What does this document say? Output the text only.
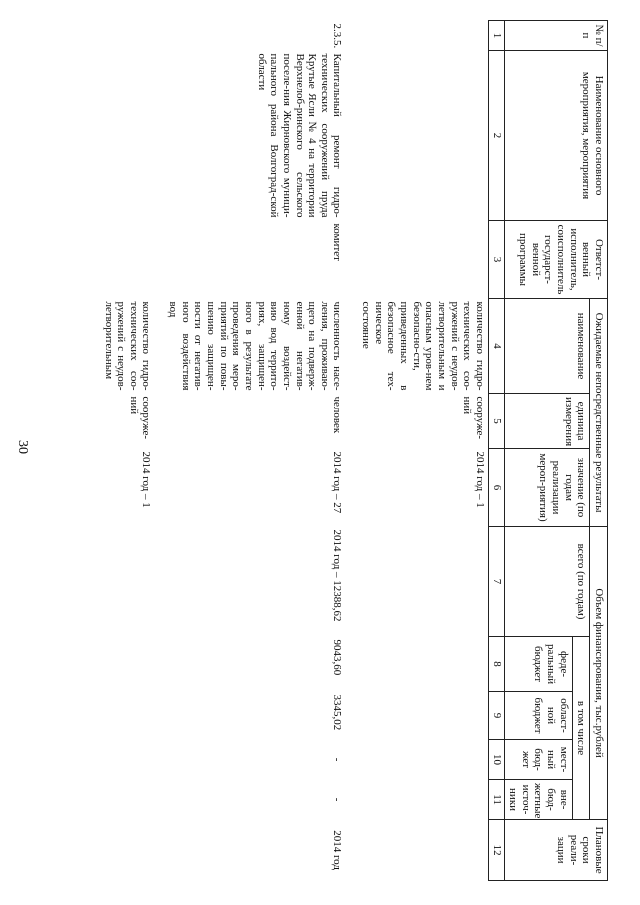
30
№ п/п	Наименование основного мероприятия, мероприятия	Ответст-венный исполнитель, соисполнитель государст-венной программы	Ожидаемые непосредственные результаты			Объем финансирования, тыс.рублей					Плановые сроки реали-зации
			наименование	единица измерения	значение (по годам реализации мероп-риятия)	всего (по годам)	в том числе				
							феде-ральный бюджет	област-ной бюджет	мест-ный бюд-жет	вне-бюд-жетные источ-ники	
1	2	3	4	5	6	7	8	9	10	11	12
			количество гидро-технических соо-ружений с неудов-летворительным и опасным уров-нем безопасно-сти, приведенных в безопасное тех-ническое состояние	сооруже-ний	2014 год – 1						
2.3.5.	Капитальный ремонт гидро-технических сооружений пруда Крутые Ясли № 4 на территории Верхнелоб-ринского сельского поселе-ния Жирновского муници-пального района Волгоград-ской области	комитет	численность насе-ления, проживаю-щего на подверж-енной негатив-ному воздейст-вию вод террито-риях, защищен-ного в результате проведения меро-приятий по повы-шению защищен-ности от негатив-ного воздействия вод	человек	2014 год – 27	2014 год – 12388,62	9043,60	3345,02	-	-	2014 год
			количество гидро-технических соо-ружений с неудов-летворительным	сооруже-ний	2014 год – 1						
